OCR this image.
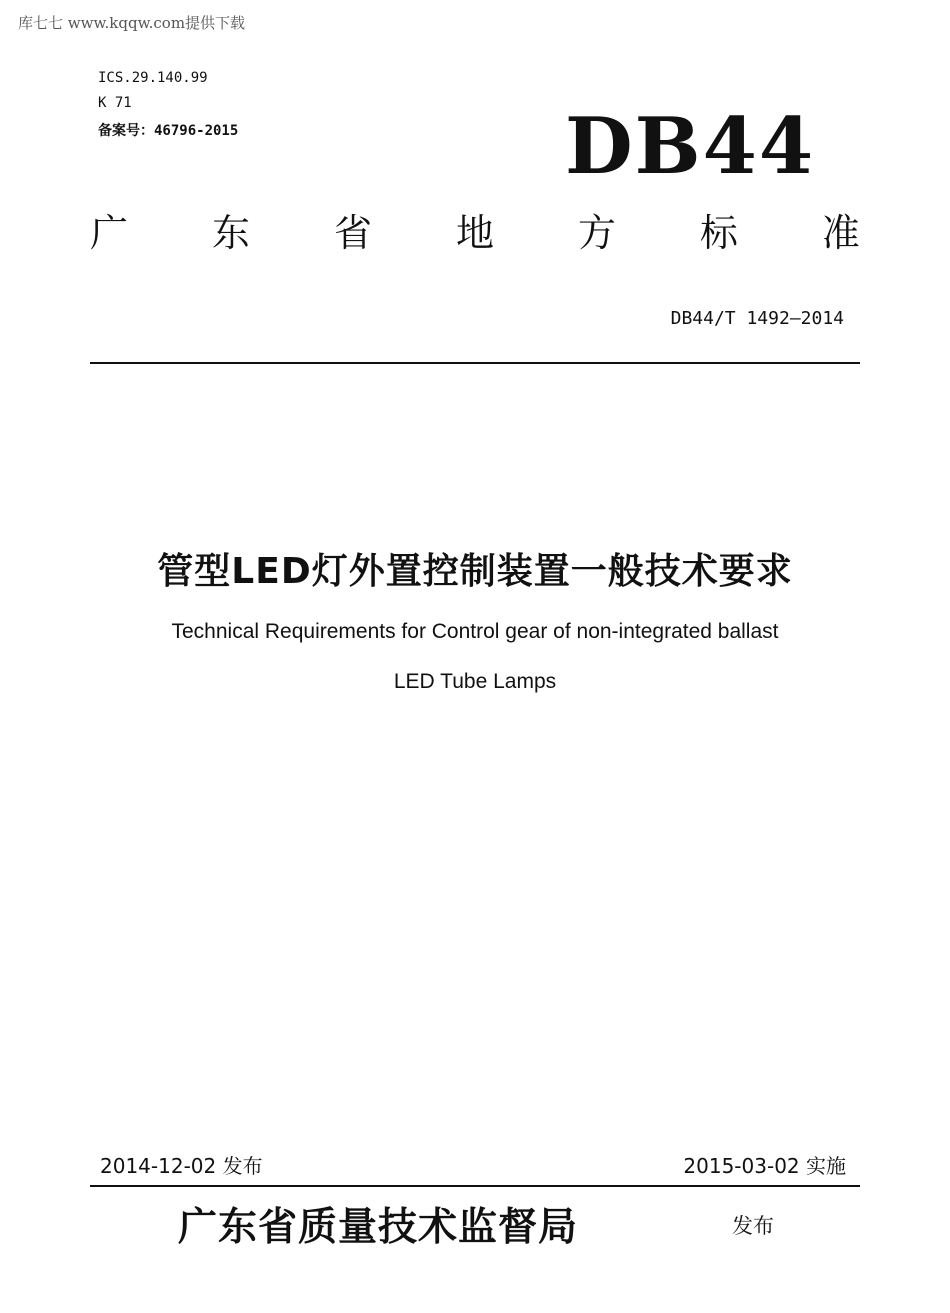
库七七 www.kqqw.com提供下载
ICS.29.140.99
K 71
备案号：46796-2015	DB44
广 东 省 地 方 标 准
DB44/T 1492—2014
管型LED灯外置控制装置一般技术要求
Technical Requirements for Control gear of non-integrated ballast
LED Tube Lamps
2014-12-02 发布	2015-03-02 实施
广东省质量技术监督局	发布
